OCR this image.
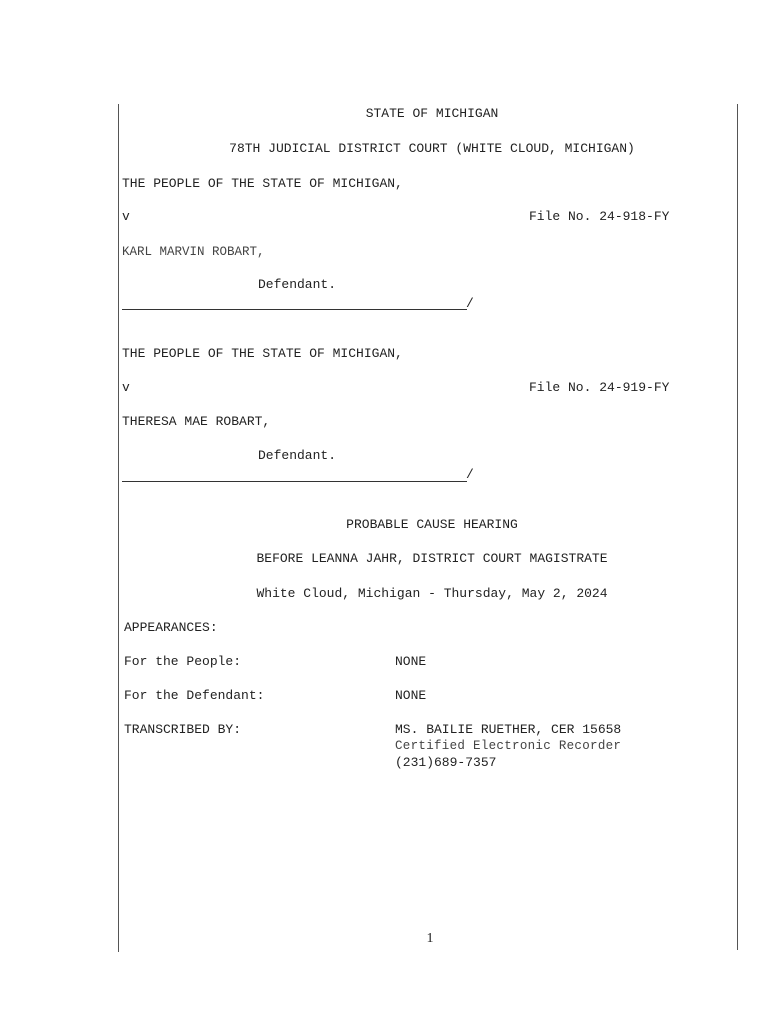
STATE OF MICHIGAN
78TH JUDICIAL DISTRICT COURT (WHITE CLOUD, MICHIGAN)
THE PEOPLE OF THE STATE OF MICHIGAN,
v	File No. 24-918-FY
KARL MARVIN ROBART,
Defendant.
/
THE PEOPLE OF THE STATE OF MICHIGAN,
v	File No. 24-919-FY
THERESA MAE ROBART,
Defendant.
/
PROBABLE CAUSE HEARING
BEFORE LEANNA JAHR, DISTRICT COURT MAGISTRATE
White Cloud, Michigan - Thursday, May 2, 2024
APPEARANCES:
For the People:	NONE
For the Defendant:	NONE
TRANSCRIBED BY:	MS. BAILIE RUETHER, CER 15658
Certified Electronic Recorder
(231)689-7357
1
